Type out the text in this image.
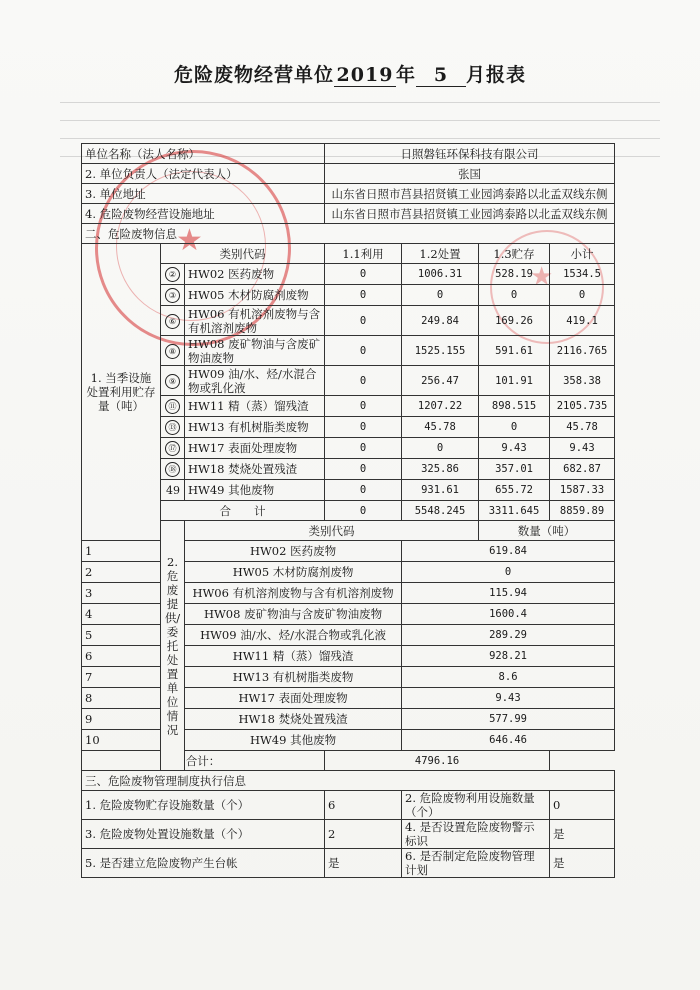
危险废物经营单位 2019 年 5 月报表
★
★
单位名称（法人名称）			日照磐钰环保科技有限公司			
2. 单位负责人（法定代表人）			张国			
3. 单位地址			山东省日照市莒县招贤镇工业园鸿泰路以北孟双线东侧			
4. 危险废物经营设施地址			山东省日照市莒县招贤镇工业园鸿泰路以北孟双线东侧			
二、危险废物信息						
1. 当季设施处置利用贮存量（吨）	类别代码		1.1利用	1.2处置	1.3贮存	小计
	②	HW02 医药废物	0	1006.31	528.19	1534.5
	③	HW05 木材防腐剂废物	0	0	0	0
	⑥	HW06 有机溶剂废物与含有机溶剂废物	0	249.84	169.26	419.1
	⑧	HW08 废矿物油与含废矿物油废物	0	1525.155	591.61	2116.765
	⑨	HW09 油/水、烃/水混合物或乳化液	0	256.47	101.91	358.38
	⑪	HW11 精（蒸）馏残渣	0	1207.22	898.515	2105.735
	⑬	HW13 有机树脂类废物	0	45.78	0	45.78
	⑰	HW17 表面处理废物	0	0	9.43	9.43
	⑱	HW18 焚烧处置残渣	0	325.86	357.01	682.87
	49	HW49 其他废物	0	931.61	655.72	1587.33
	合　　计		0	5548.245	3311.645	8859.89
	2. 危废提供/委托处置单位情况	类别代码			数量（吨）	
1		HW02 医药废物		619.84		
2		HW05 木材防腐剂废物		0		
3		HW06 有机溶剂废物与含有机溶剂废物		115.94		
4		HW08 废矿物油与含废矿物油废物		1600.4		
5		HW09 油/水、烃/水混合物或乳化液		289.29		
6		HW11 精（蒸）馏残渣		928.21		
7		HW13 有机树脂类废物		8.6		
8		HW17 表面处理废物		9.43		
9		HW18 焚烧处置残渣		577.99		
10		HW49 其他废物		646.46		
合计：			4796.16			
三、危险废物管理制度执行信息						
1. 危险废物贮存设施数量（个）			6	2. 危险废物利用设施数量（个）		0
3. 危险废物处置设施数量（个）			2	4. 是否设置危险废物警示标识		是
5. 是否建立危险废物产生台帐			是	6. 是否制定危险废物管理计划		是
